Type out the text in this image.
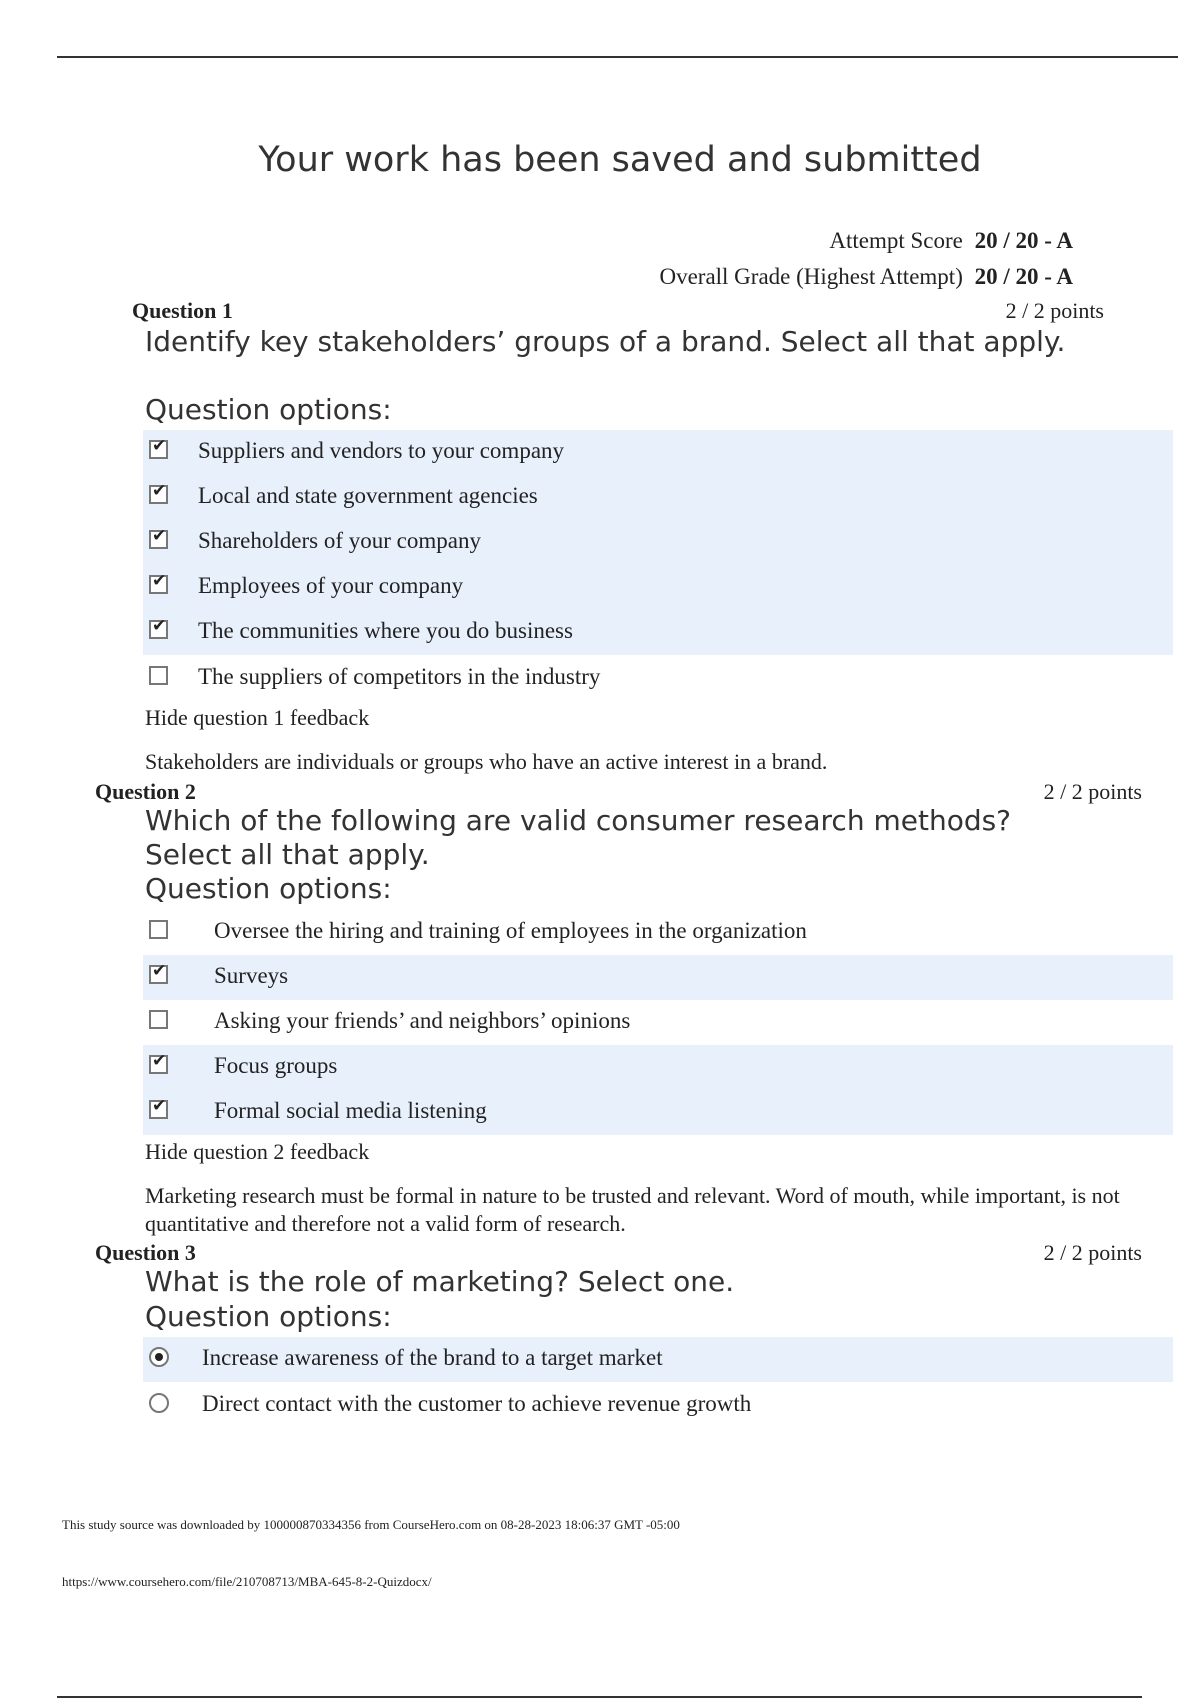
Your work has been saved and submitted
Attempt Score 20 / 20 - A
Overall Grade (Highest Attempt) 20 / 20 - A
Question 1	2 / 2 points
Identify key stakeholders’ groups of a brand. Select all that apply.
Question options:
✔ Suppliers and vendors to your company
✔ Local and state government agencies
✔ Shareholders of your company
✔ Employees of your company
✔ The communities where you do business
The suppliers of competitors in the industry
Hide question 1 feedback
Stakeholders are individuals or groups who have an active interest in a brand.
Question 2	2 / 2 points
Which of the following are valid consumer research methods? Select all that apply.
Question options:
Oversee the hiring and training of employees in the organization
✔ Surveys
Asking your friends’ and neighbors’ opinions
✔ Focus groups
✔ Formal social media listening
Hide question 2 feedback
Marketing research must be formal in nature to be trusted and relevant. Word of mouth, while important, is not quantitative and therefore not a valid form of research.
Question 3	2 / 2 points
What is the role of marketing? Select one.
Question options:
Increase awareness of the brand to a target market
Direct contact with the customer to achieve revenue growth
This study source was downloaded by 100000870334356 from CourseHero.com on 08-28-2023 18:06:37 GMT -05:00
https://www.coursehero.com/file/210708713/MBA-645-8-2-Quizdocx/
